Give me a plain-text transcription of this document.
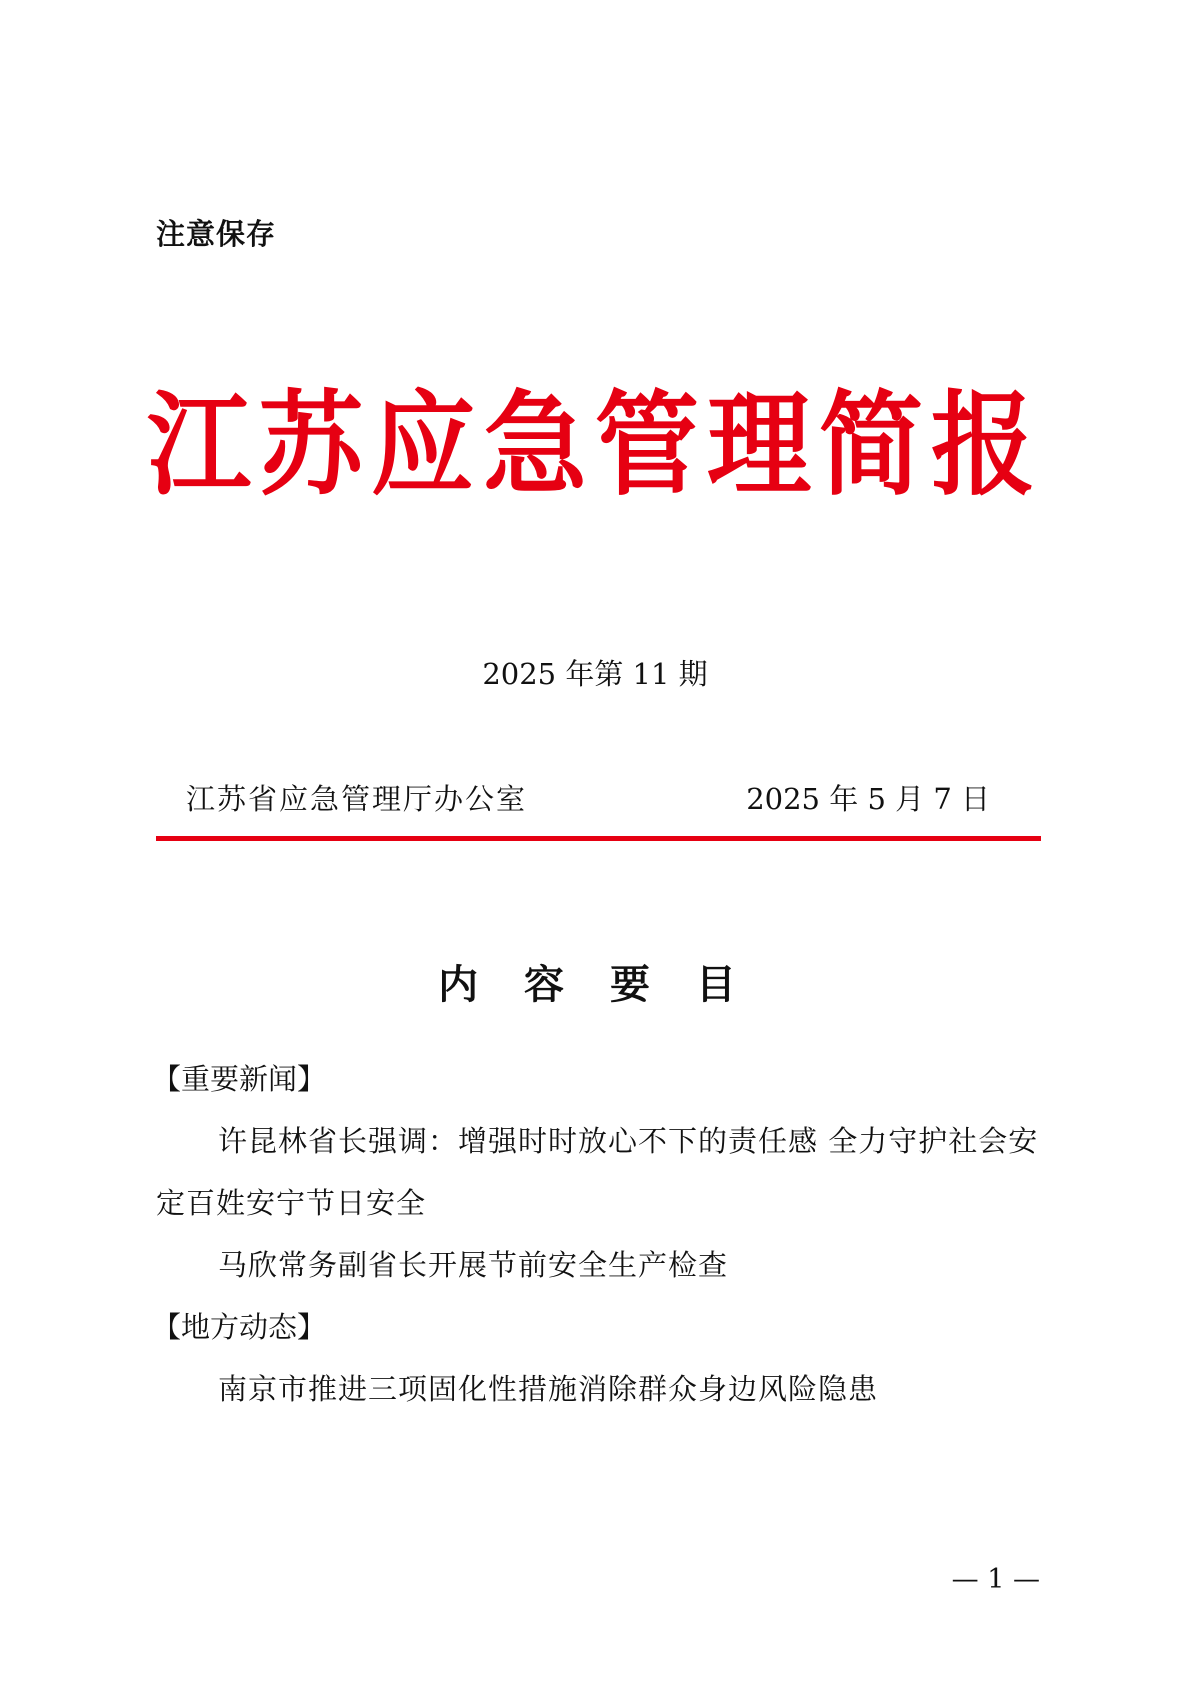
注意保存
江苏应急管理简报
2025 年第 11 期
江苏省应急管理厅办公室	2025 年 5 月 7 日
内 容 要 目
【重要新闻】
许昆林省长强调：增强时时放心不下的责任感 全力守护社会安定百姓安宁节日安全
马欣常务副省长开展节前安全生产检查
【地方动态】
南京市推进三项固化性措施消除群众身边风险隐患
— 1 —
